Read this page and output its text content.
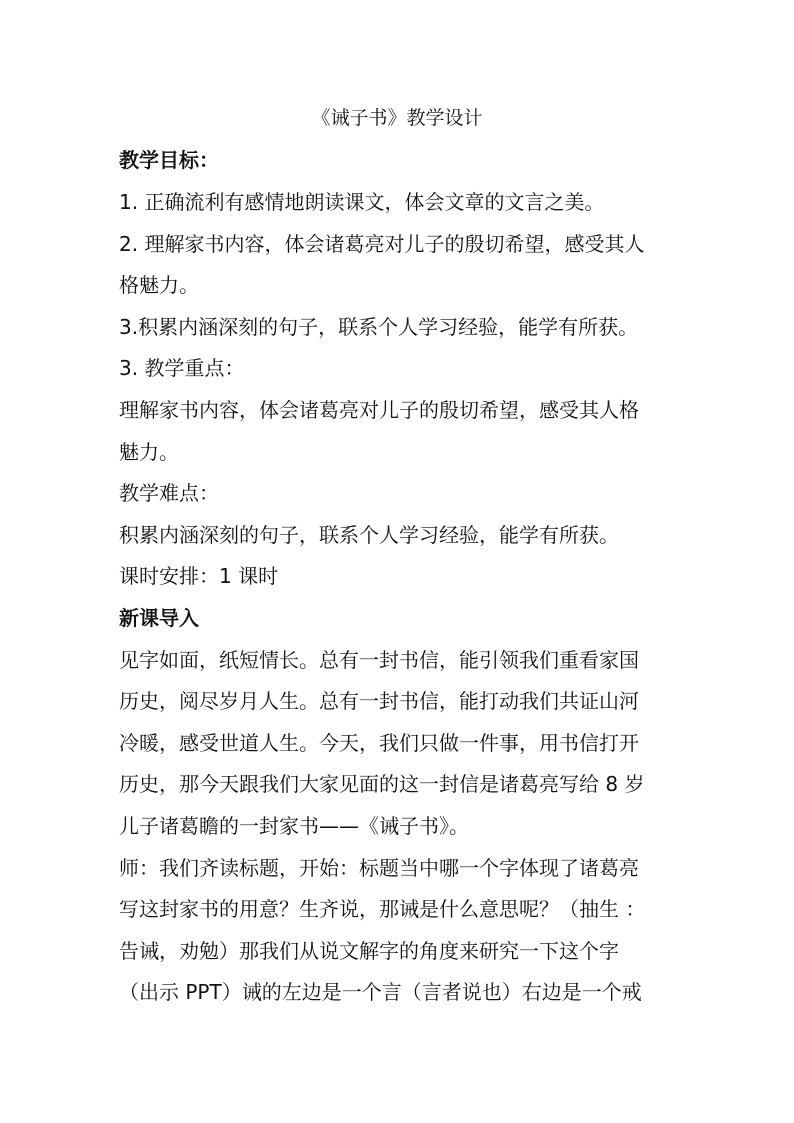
《诫子书》教学设计
教学目标：
1. 正确流利有感情地朗读课文，体会文章的文言之美。
2. 理解家书内容，体会诸葛亮对儿子的殷切希望，感受其人
格魅力。
3.积累内涵深刻的句子，联系个人学习经验，能学有所获。
3. 教学重点：
理解家书内容，体会诸葛亮对儿子的殷切希望，感受其人格
魅力。
教学难点：
积累内涵深刻的句子，联系个人学习经验，能学有所获。
课时安排：1 课时
新课导入
见字如面，纸短情长。总有一封书信，能引领我们重看家国
历史，阅尽岁月人生。总有一封书信，能打动我们共证山河
冷暖，感受世道人生。今天，我们只做一件事，用书信打开
历史，那今天跟我们大家见面的这一封信是诸葛亮写给 8 岁
儿子诸葛瞻的一封家书——《诫子书》。
师：我们齐读标题，开始：标题当中哪一个字体现了诸葛亮
写这封家书的用意？生齐说，那诫是什么意思呢？（抽生 ：
告诫，劝勉）那我们从说文解字的角度来研究一下这个字
（出示 PPT）诫的左边是一个言（言者说也）右边是一个戒
